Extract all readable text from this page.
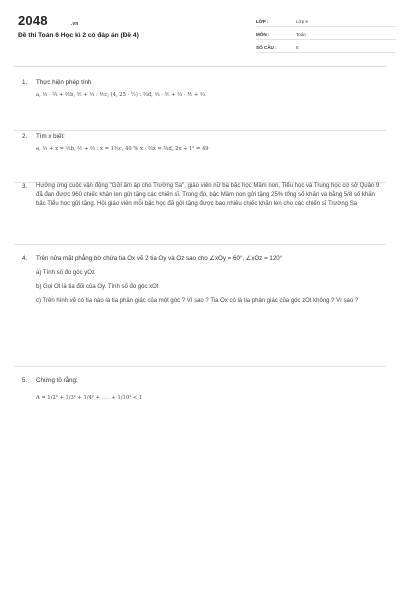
2048	.vn
Đề thi Toán 6 Học kì 2 có đáp án (Đề 4)
LỚP :	Lớp 6
MÔN :	Toán
SỐ CÂU :	5
1.	Thực hiện phép tính
a, ⅓ · ⅔ + ⅖b, ⅗ + ⅔ : ⅘c, (4, 25 · ½) : ⅔d, ⅔ · ⅗ + ⅔ · ⅗ + ⅔
2.	Tìm x biết:
a, ⅔ + x = ⅔b, ⅗ + ⅔ : x = 1⅗c, 40 % x · ⅔x = ⅔d, 2x + 1² = 49
3.	Hưởng ứng cuộc vận động "Gửi ấm áp cho Trường Sa", giáo viên nữ ba bậc học Mầm non, Tiểu học và Trung học cơ sở Quận 9 đã đan được 960 chiếc khăn len gửi tặng các chiến sĩ. Trong đó, bậc Mầm non gửi tặng 25% tổng số khăn và bằng 5/8 số khăn bậc Tiểu học gửi tặng. Hỏi giáo viên mỗi bậc học đã gởi tặng được bao nhiêu chiếc khăn len cho các chiến sĩ Trường Sa
4.	Trên nửa mặt phẳng bờ chứa tia Ox vẽ 2 tia Oy và Oz sao cho ∠xOy = 60°, ∠xOz = 120°
a) Tính số đo góc yOz
b) Gọi Ot là tia đối của Oy. Tính số đo góc xOt
c) Trên hình vẽ có tia nào là tia phân giác của một góc ? Vì sao ? Tia Ox có là tia phân giác của góc zOt không ? Vì sao ?
5.	Chứng tỏ rằng:
A = 1/2² + 1/3² + 1/4² + . . . + 1/10² < 1
